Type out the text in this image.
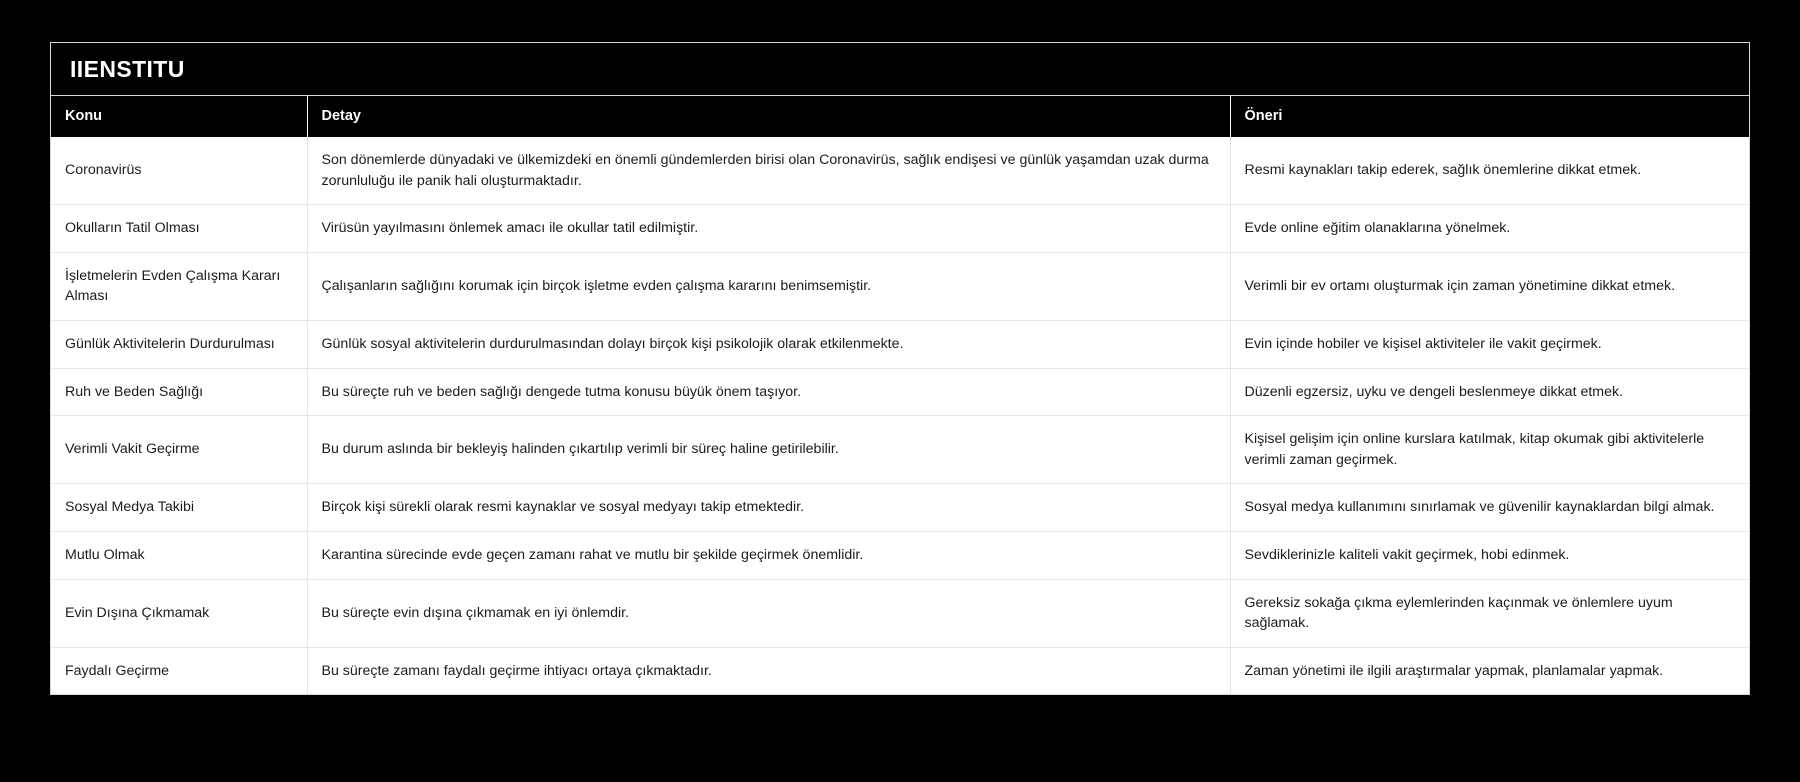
IIENSTITU
Konu	Detay	Öneri
Coronavirüs	Son dönemlerde dünyadaki ve ülkemizdeki en önemli gündemlerden birisi olan Coronavirüs, sağlık endişesi ve günlük yaşamdan uzak durma zorunluluğu ile panik hali oluşturmaktadır.	Resmi kaynakları takip ederek, sağlık önemlerine dikkat etmek.
Okulların Tatil Olması	Virüsün yayılmasını önlemek amacı ile okullar tatil edilmiştir.	Evde online eğitim olanaklarına yönelmek.
İşletmelerin Evden Çalışma Kararı Alması	Çalışanların sağlığını korumak için birçok işletme evden çalışma kararını benimsemiştir.	Verimli bir ev ortamı oluşturmak için zaman yönetimine dikkat etmek.
Günlük Aktivitelerin Durdurulması	Günlük sosyal aktivitelerin durdurulmasından dolayı birçok kişi psikolojik olarak etkilenmekte.	Evin içinde hobiler ve kişisel aktiviteler ile vakit geçirmek.
Ruh ve Beden Sağlığı	Bu süreçte ruh ve beden sağlığı dengede tutma konusu büyük önem taşıyor.	Düzenli egzersiz, uyku ve dengeli beslenmeye dikkat etmek.
Verimli Vakit Geçirme	Bu durum aslında bir bekleyiş halinden çıkartılıp verimli bir süreç haline getirilebilir.	Kişisel gelişim için online kurslara katılmak, kitap okumak gibi aktivitelerle verimli zaman geçirmek.
Sosyal Medya Takibi	Birçok kişi sürekli olarak resmi kaynaklar ve sosyal medyayı takip etmektedir.	Sosyal medya kullanımını sınırlamak ve güvenilir kaynaklardan bilgi almak.
Mutlu Olmak	Karantina sürecinde evde geçen zamanı rahat ve mutlu bir şekilde geçirmek önemlidir.	Sevdiklerinizle kaliteli vakit geçirmek, hobi edinmek.
Evin Dışına Çıkmamak	Bu süreçte evin dışına çıkmamak en iyi önlemdir.	Gereksiz sokağa çıkma eylemlerinden kaçınmak ve önlemlere uyum sağlamak.
Faydalı Geçirme	Bu süreçte zamanı faydalı geçirme ihtiyacı ortaya çıkmaktadır.	Zaman yönetimi ile ilgili araştırmalar yapmak, planlamalar yapmak.
